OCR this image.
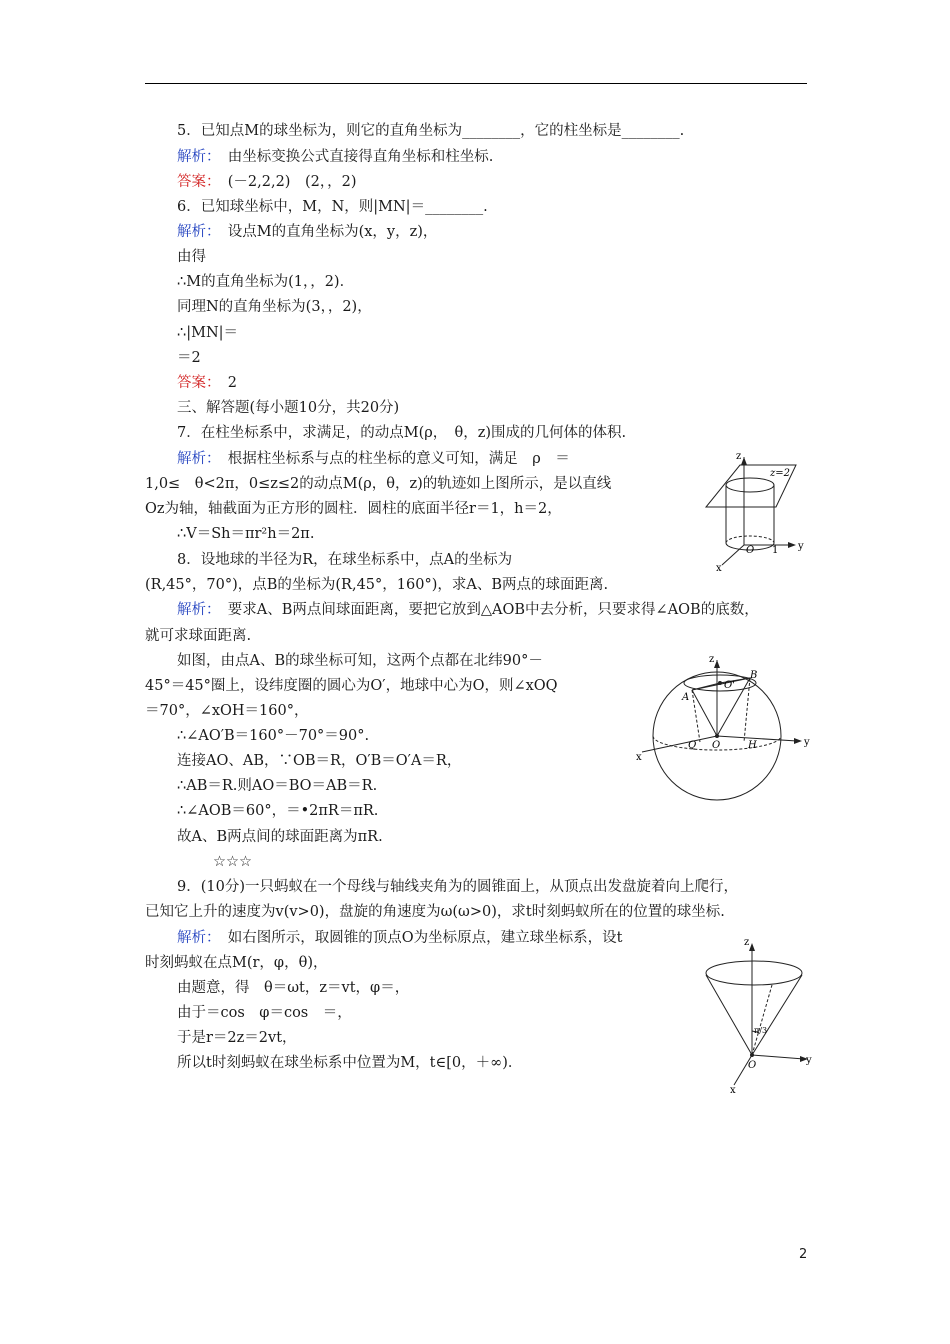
5．已知点M的球坐标为，则它的直角坐标为________，它的柱坐标是________.
解析：　 由坐标变换公式直接得直角坐标和柱坐标.
答案：　 (－2,2,2)　(2，，2)
6．已知球坐标中，M，N，则|MN|＝________.
解析：　 设点M的直角坐标为(x，y，z)，
由得
∴M的直角坐标为(1，，2)．
同理N的直角坐标为(3，，2)，
∴|MN|＝
＝2
答案：　 2
三、解答题(每小题10分，共20分)
7．在柱坐标系中，求满足，的动点M(ρ，　θ，z)围成的几何体的体积.
解析：　 根据柱坐标系与点的柱坐标的意义可知，满足　ρ　＝
1,0≤　θ<2π，0≤z≤2的动点M(ρ，θ，z)的轨迹如上图所示，是以直线
Oz为轴，轴截面为正方形的圆柱．圆柱的底面半径r＝1，h＝2，
∴V＝Sh＝πr²h＝2π.
z
y
x
O 1
z=2
8．设地球的半径为R，在球坐标系中，点A的坐标为
(R,45°，70°)，点B的坐标为(R,45°，160°)，求A、B两点的球面距离.
解析：　 要求A、B两点间球面距离，要把它放到△AOB中去分析，只要求得∠AOB的底数，
就可求球面距离.
如图，由点A、B的球坐标可知，这两个点都在北纬90°－
45°＝45°圈上，设纬度圈的圆心为O′，地球中心为O，则∠xOQ
＝70°，∠xOH＝160°，
∴∠AO′B＝160°－70°＝90°.
连接AO、AB，∵OB＝R，O′B＝O′A＝R，
∴AB＝R.则AO＝BO＝AB＝R.
∴∠AOB＝60°，＝•2πR＝πR.
故A、B两点间的球面距离为πR.
☆☆☆
z
y
x
B
A
O'
O
Q	H
9．(10分)一只蚂蚁在一个母线与轴线夹角为的圆锥面上，从顶点出发盘旋着向上爬行，
已知它上升的速度为v(v>0)，盘旋的角速度为ω(ω>0)，求t时刻蚂蚁所在的位置的球坐标.
解析：　 如右图所示，取圆锥的顶点O为坐标原点，建立球坐标系，设t
时刻蚂蚁在点M(r，φ，θ)，
由题意，得　θ＝ωt，z＝vt，φ＝，
由于＝cos　φ＝cos　＝，
于是r＝2z＝2vt，
所以t时刻蚂蚁在球坐标系中位置为M，t∈[0，＋∞)．
z
y
x
O
π/3
2
